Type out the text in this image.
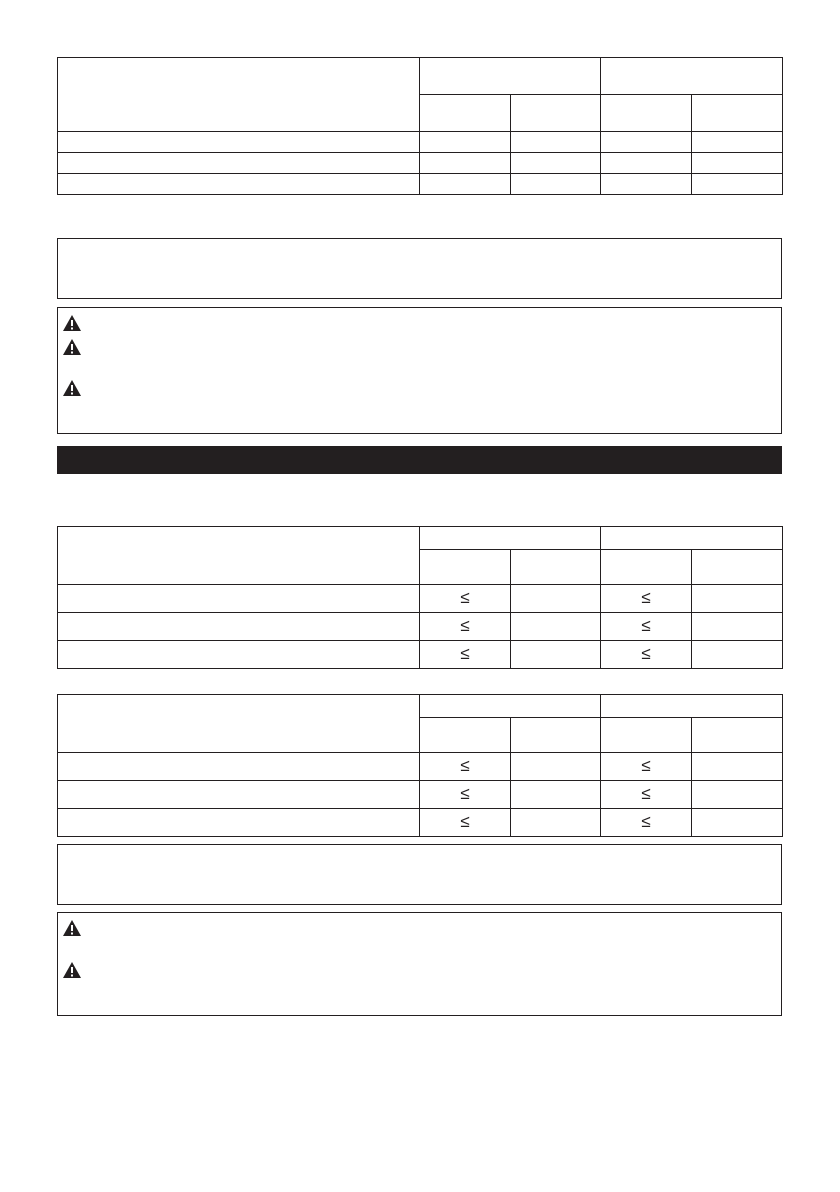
	≤		≤	
	≤		≤	
	≤		≤	

	≤		≤	
	≤		≤	
	≤		≤	
